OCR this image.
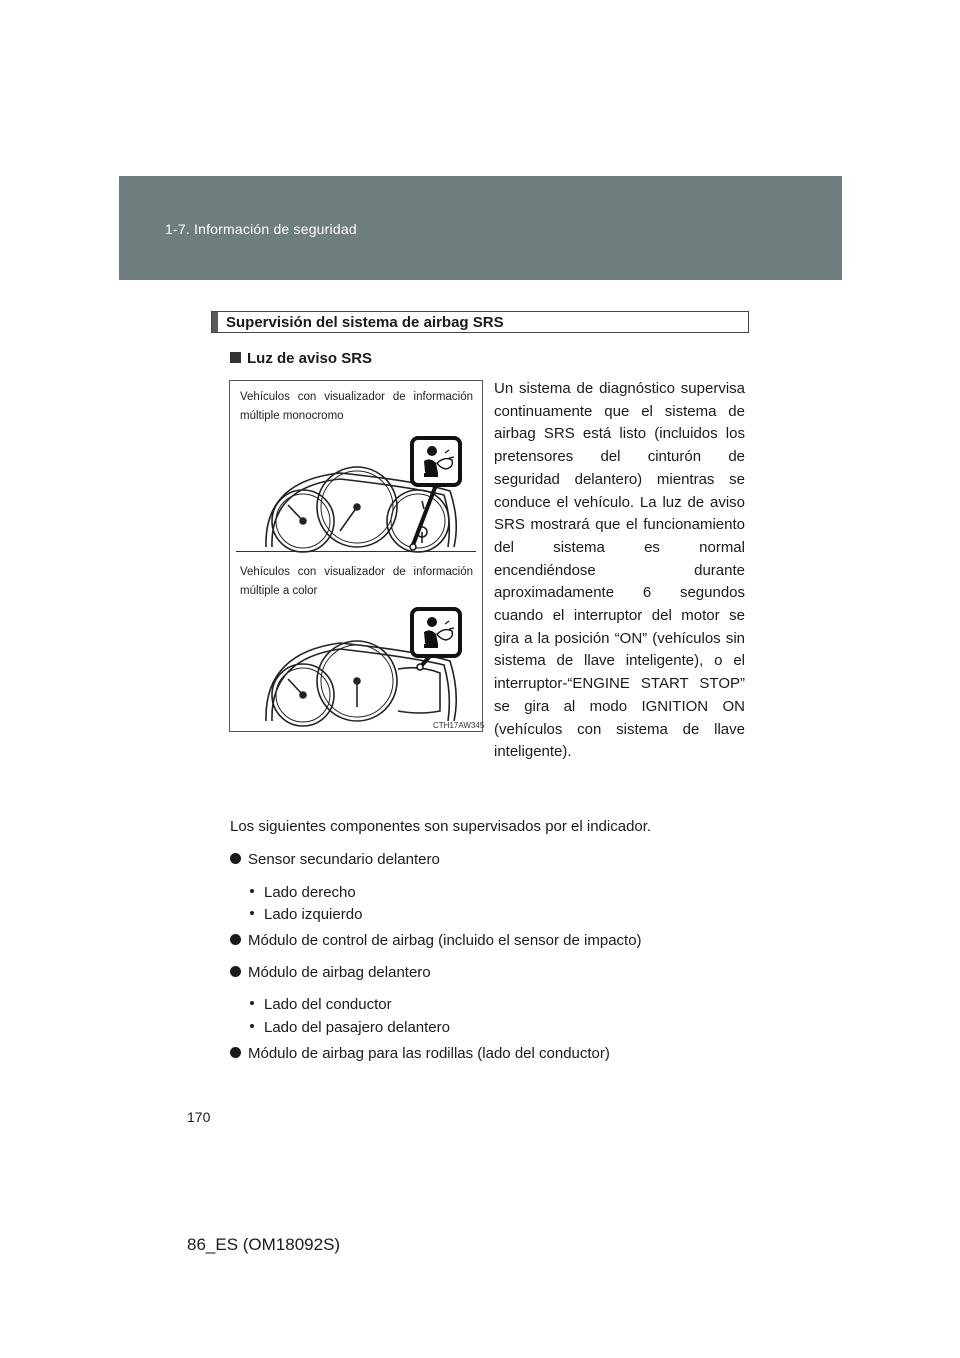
1-7. Información de seguridad
Supervisión del sistema de airbag SRS
Luz de aviso SRS
Vehículos con visualizador de información múltiple monocromo
Vehículos con visualizador de información múltiple a color
CTH17AW345

Un sistema de diagnóstico supervisa continuamente que el sistema de airbag SRS está listo (incluidos los pretensores del cinturón de seguridad delantero) mientras se conduce el vehículo. La luz de aviso SRS mostrará que el funcionamiento del sistema es normal encendiéndose durante aproximadamente 6 segundos cuando el interruptor del motor se gira a la posición “ON” (vehículos sin sistema de llave inteligente), o el interruptor-“ENGINE START STOP” se gira al modo IGNITION ON (vehículos con sistema de llave inteligente).

Los siguientes componentes son supervisados por el indicador.

Sensor secundario delantero
Lado derecho
Lado izquierdo
Módulo de control de airbag (incluido el sensor de impacto)
Módulo de airbag delantero
Lado del conductor
Lado del pasajero delantero
Módulo de airbag para las rodillas (lado del conductor)
170
86_ES (OM18092S)
